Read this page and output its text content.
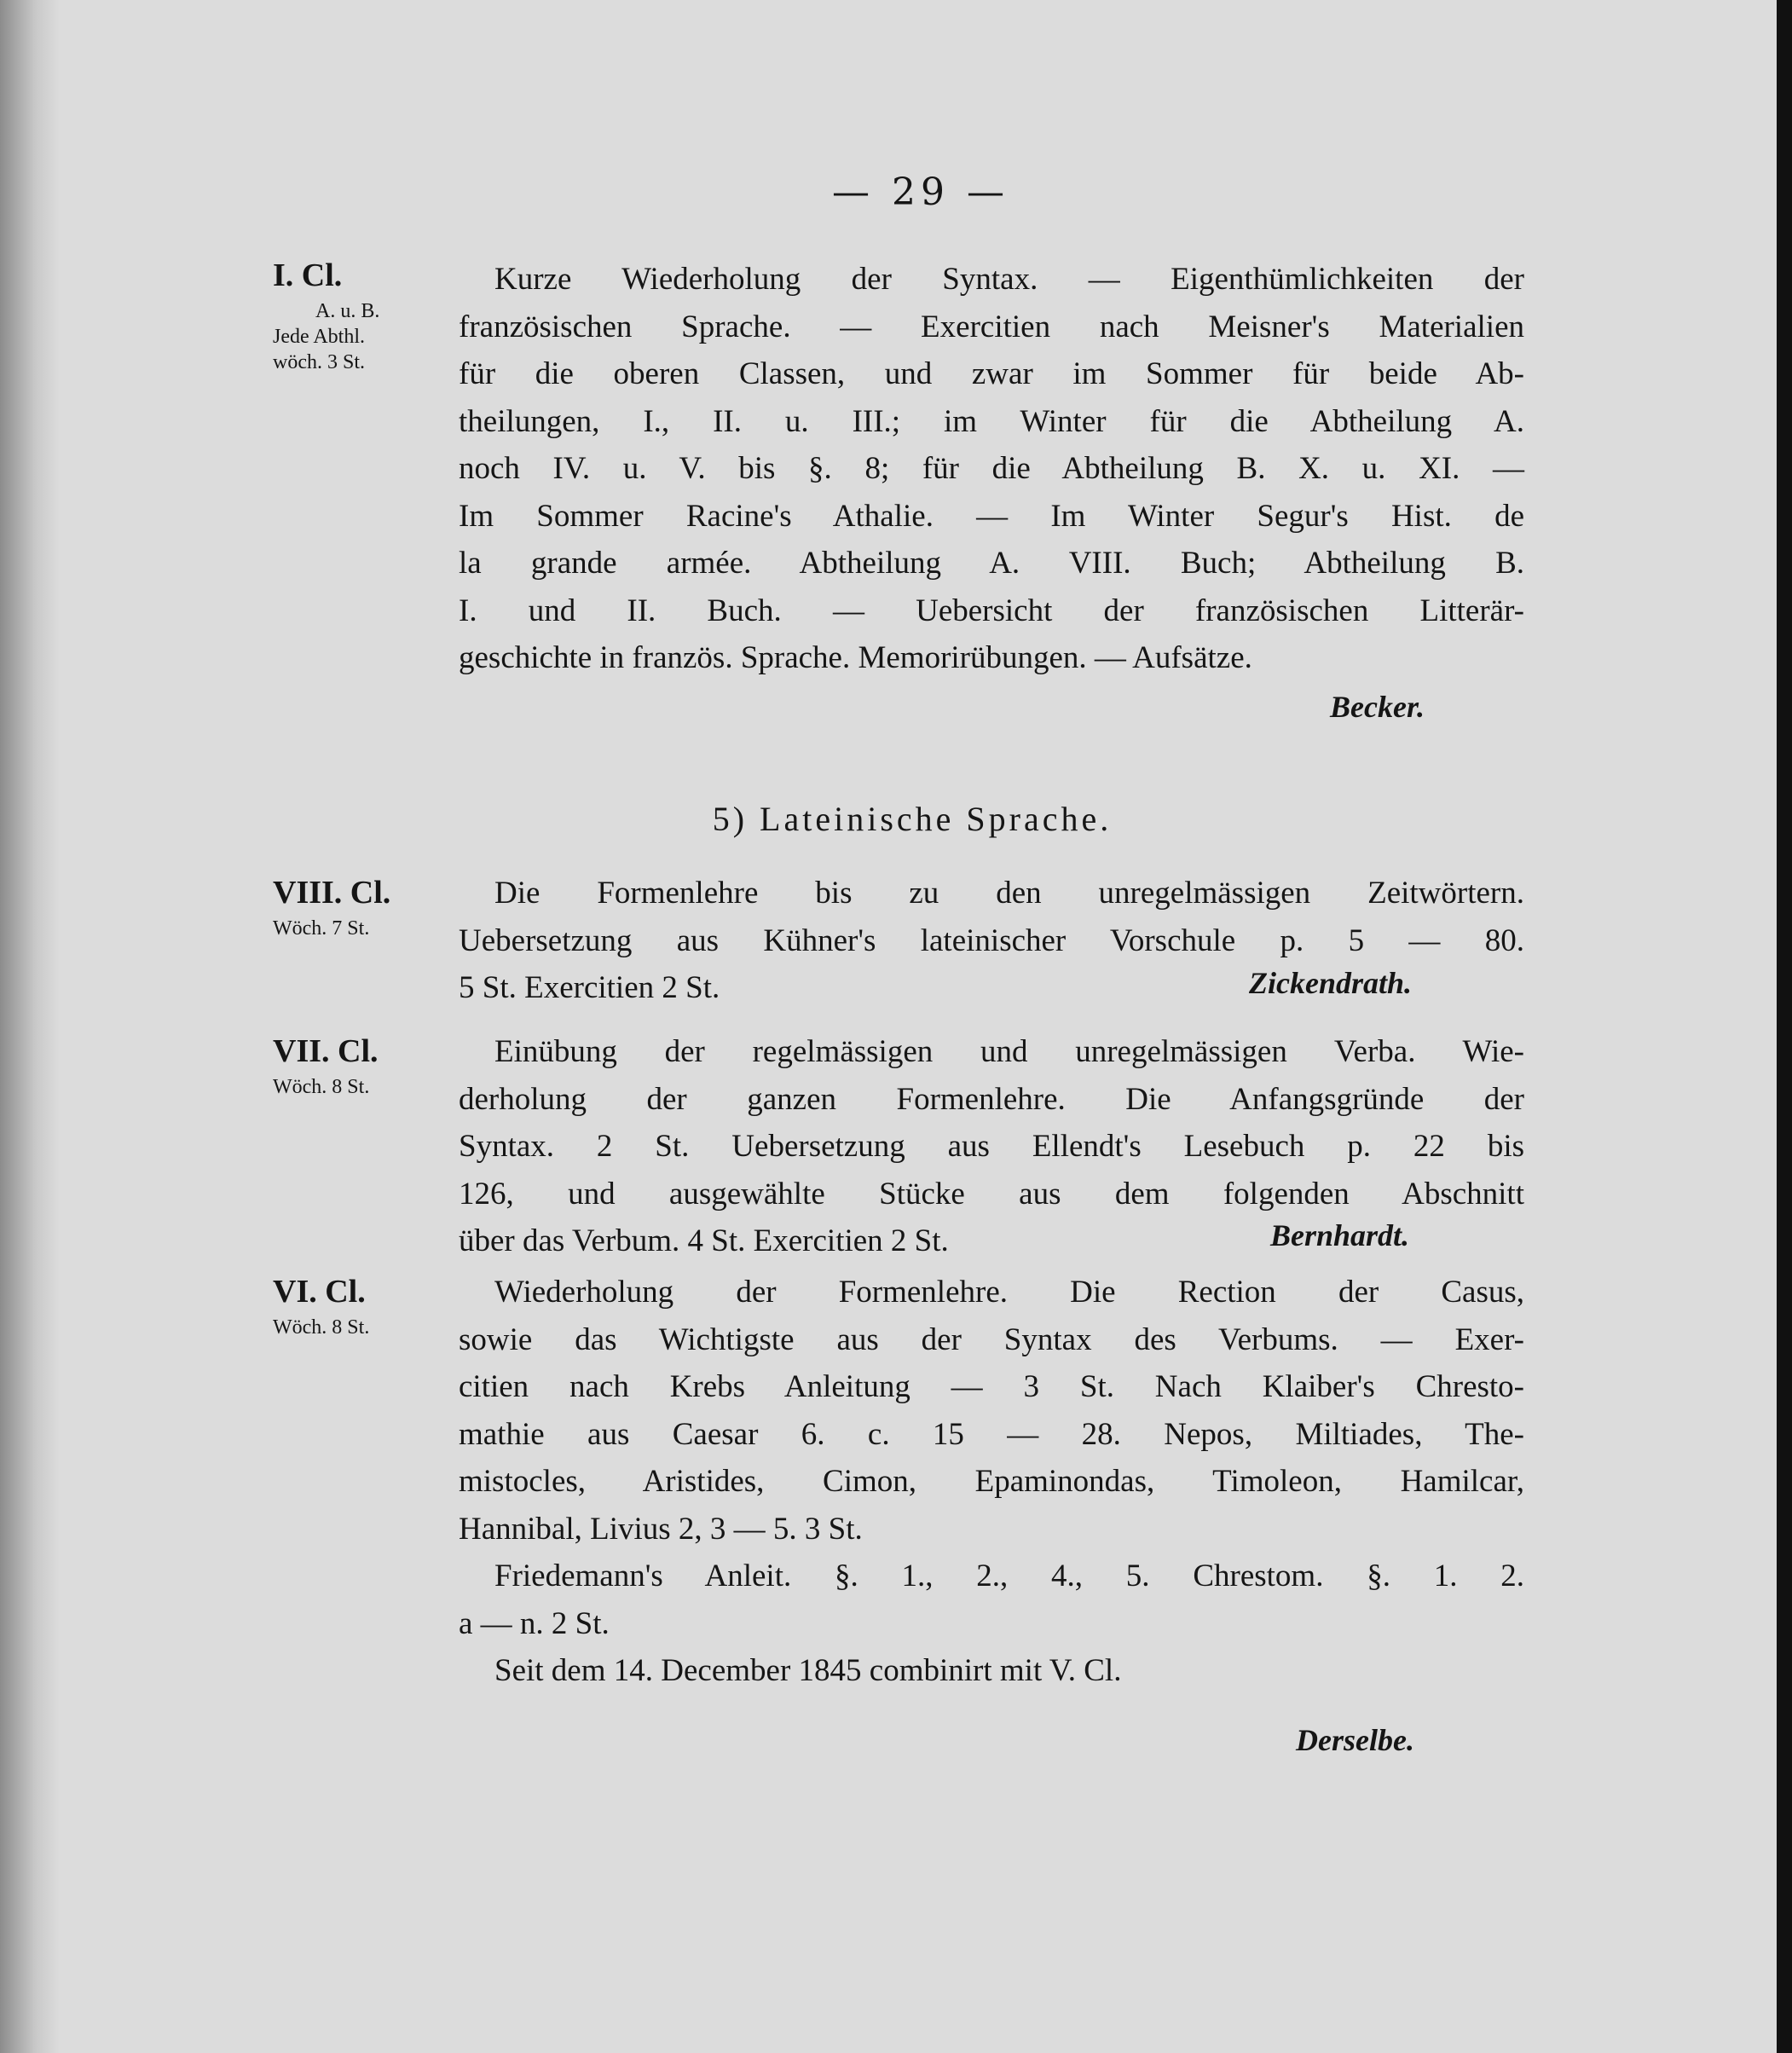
— 29 —
I. Cl.
A. u. B.
Jede Abthl.
wöch. 3 St.
Kurze Wiederholung der Syntax. — Eigenthümlichkeiten der
französischen Sprache. — Exercitien nach Meisner's Materialien
für die oberen Classen, und zwar im Sommer für beide Ab-
theilungen, I., II. u. III.; im Winter für die Abtheilung A.
noch IV. u. V. bis §. 8; für die Abtheilung B. X. u. XI. —
Im Sommer Racine's Athalie. — Im Winter Segur's Hist. de
la grande armée. Abtheilung A. VIII. Buch; Abtheilung B.
I. und II. Buch. — Uebersicht der französischen Litterär-
geschichte in französ. Sprache. Memorirübungen. — Aufsätze.
Becker.
5) Lateinische Sprache.
VIII. Cl.
Wöch. 7 St.
Die Formenlehre bis zu den unregelmässigen Zeitwörtern.
Uebersetzung aus Kühner's lateinischer Vorschule p. 5 — 80.
5 St. Exercitien 2 St.	Zickendrath.
VII. Cl.
Wöch. 8 St.
Einübung der regelmässigen und unregelmässigen Verba. Wie-
derholung der ganzen Formenlehre. Die Anfangsgründe der
Syntax. 2 St. Uebersetzung aus Ellendt's Lesebuch p. 22 bis
126, und ausgewählte Stücke aus dem folgenden Abschnitt
über das Verbum. 4 St. Exercitien 2 St.	Bernhardt.
VI. Cl.
Wöch. 8 St.
Wiederholung der Formenlehre. Die Rection der Casus,
sowie das Wichtigste aus der Syntax des Verbums. — Exer-
citien nach Krebs Anleitung — 3 St. Nach Klaiber's Chresto-
mathie aus Caesar 6. c. 15 — 28. Nepos, Miltiades, The-
mistocles, Aristides, Cimon, Epaminondas, Timoleon, Hamilcar,
Hannibal, Livius 2, 3 — 5. 3 St.
Friedemann's Anleit. §. 1., 2., 4., 5. Chrestom. §. 1. 2.
a — n. 2 St.
Seit dem 14. December 1845 combinirt mit V. Cl.
Derselbe.
